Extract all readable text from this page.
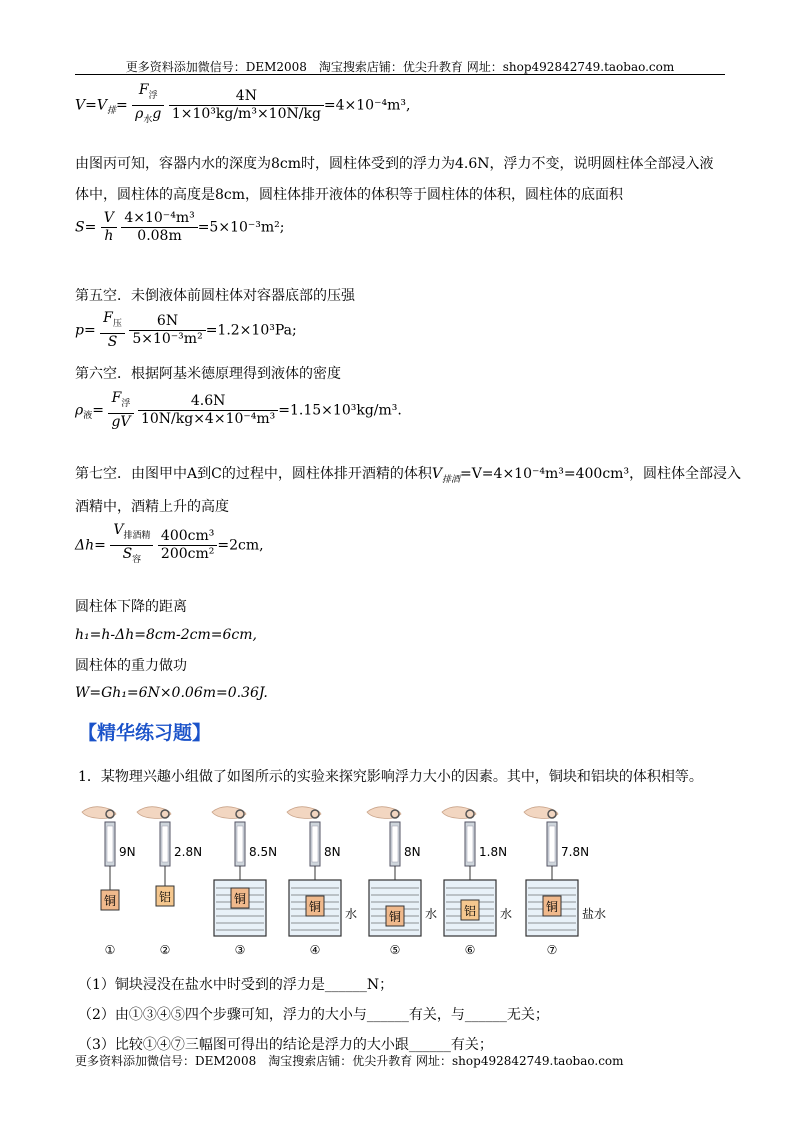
更多资料添加微信号：DEM2008　淘宝搜索店铺：优尖升教育 网址：shop492842749.taobao.com
$V=V_排= \frac{F_浮}{\rho_水g}$
$\frac{4N}{\text{1×10³kg/m³×10N/kg}} =4\times 10^{-4}m^3$,
由图丙可知，容器内水的深度为8cm时，圆柱体受到的浮力为4.6N，浮力不变，说明圆柱体全部浸入液
体中，圆柱体的高度是8cm，圆柱体排开液体的体积等于圆柱体的体积，圆柱体的底面积
$S= \frac{V}{h}$
$\frac{\text{4×10⁻⁴m³}}{0.08m} =5\times 10^{-3}m^2$;
第五空．未倒液体前圆柱体对容器底部的压强
$p= \frac{F_压}{S}$
$\frac{6N}{\text{5×10⁻³m²}} =1.2\times 10^3Pa$;
第六空．根据阿基米德原理得到液体的密度
$\rho_液= \frac{F_浮}{gV}$
$\frac{4.6N}{\text{10N/kg×4×10⁻⁴m³}} =1.15\times 10^3kg/m^3$.
第七空．由图甲中A到C的过程中，圆柱体排开酒精的体积$V_{排酒}=V=4\times 10^{-4}m^3=400cm^3$，圆柱体全部浸入
酒精中，酒精上升的高度
$\Delta h= \frac{V_{排酒精}}{S_容}$
$\frac{\text{400cm³}}{\text{200cm²}} =2cm$,
圆柱体下降的距离
h₁=h-Δh=8cm-2cm=6cm,
圆柱体的重力做功
W=Gh₁=6N×0.06m=0.36J.
【精华练习题】
1．某物理兴趣小组做了如图所示的实验来探究影响浮力大小的因素。其中，铜块和铝块的体积相等。
铜
9N
①
铝
2.8N
②
铜
8.5N
③
铜
8N
水
④
铜
8N
水
⑤
铝
1.8N
水
⑥
铜
7.8N
盐水
⑦
（1）铜块浸没在盐水中时受到的浮力是______N；
（2）由①③④⑤四个步骤可知，浮力的大小与______有关，与______无关；
（3）比较①④⑦三幅图可得出的结论是浮力的大小跟______有关；
更多资料添加微信号：DEM2008　淘宝搜索店铺：优尖升教育 网址：shop492842749.taobao.com
